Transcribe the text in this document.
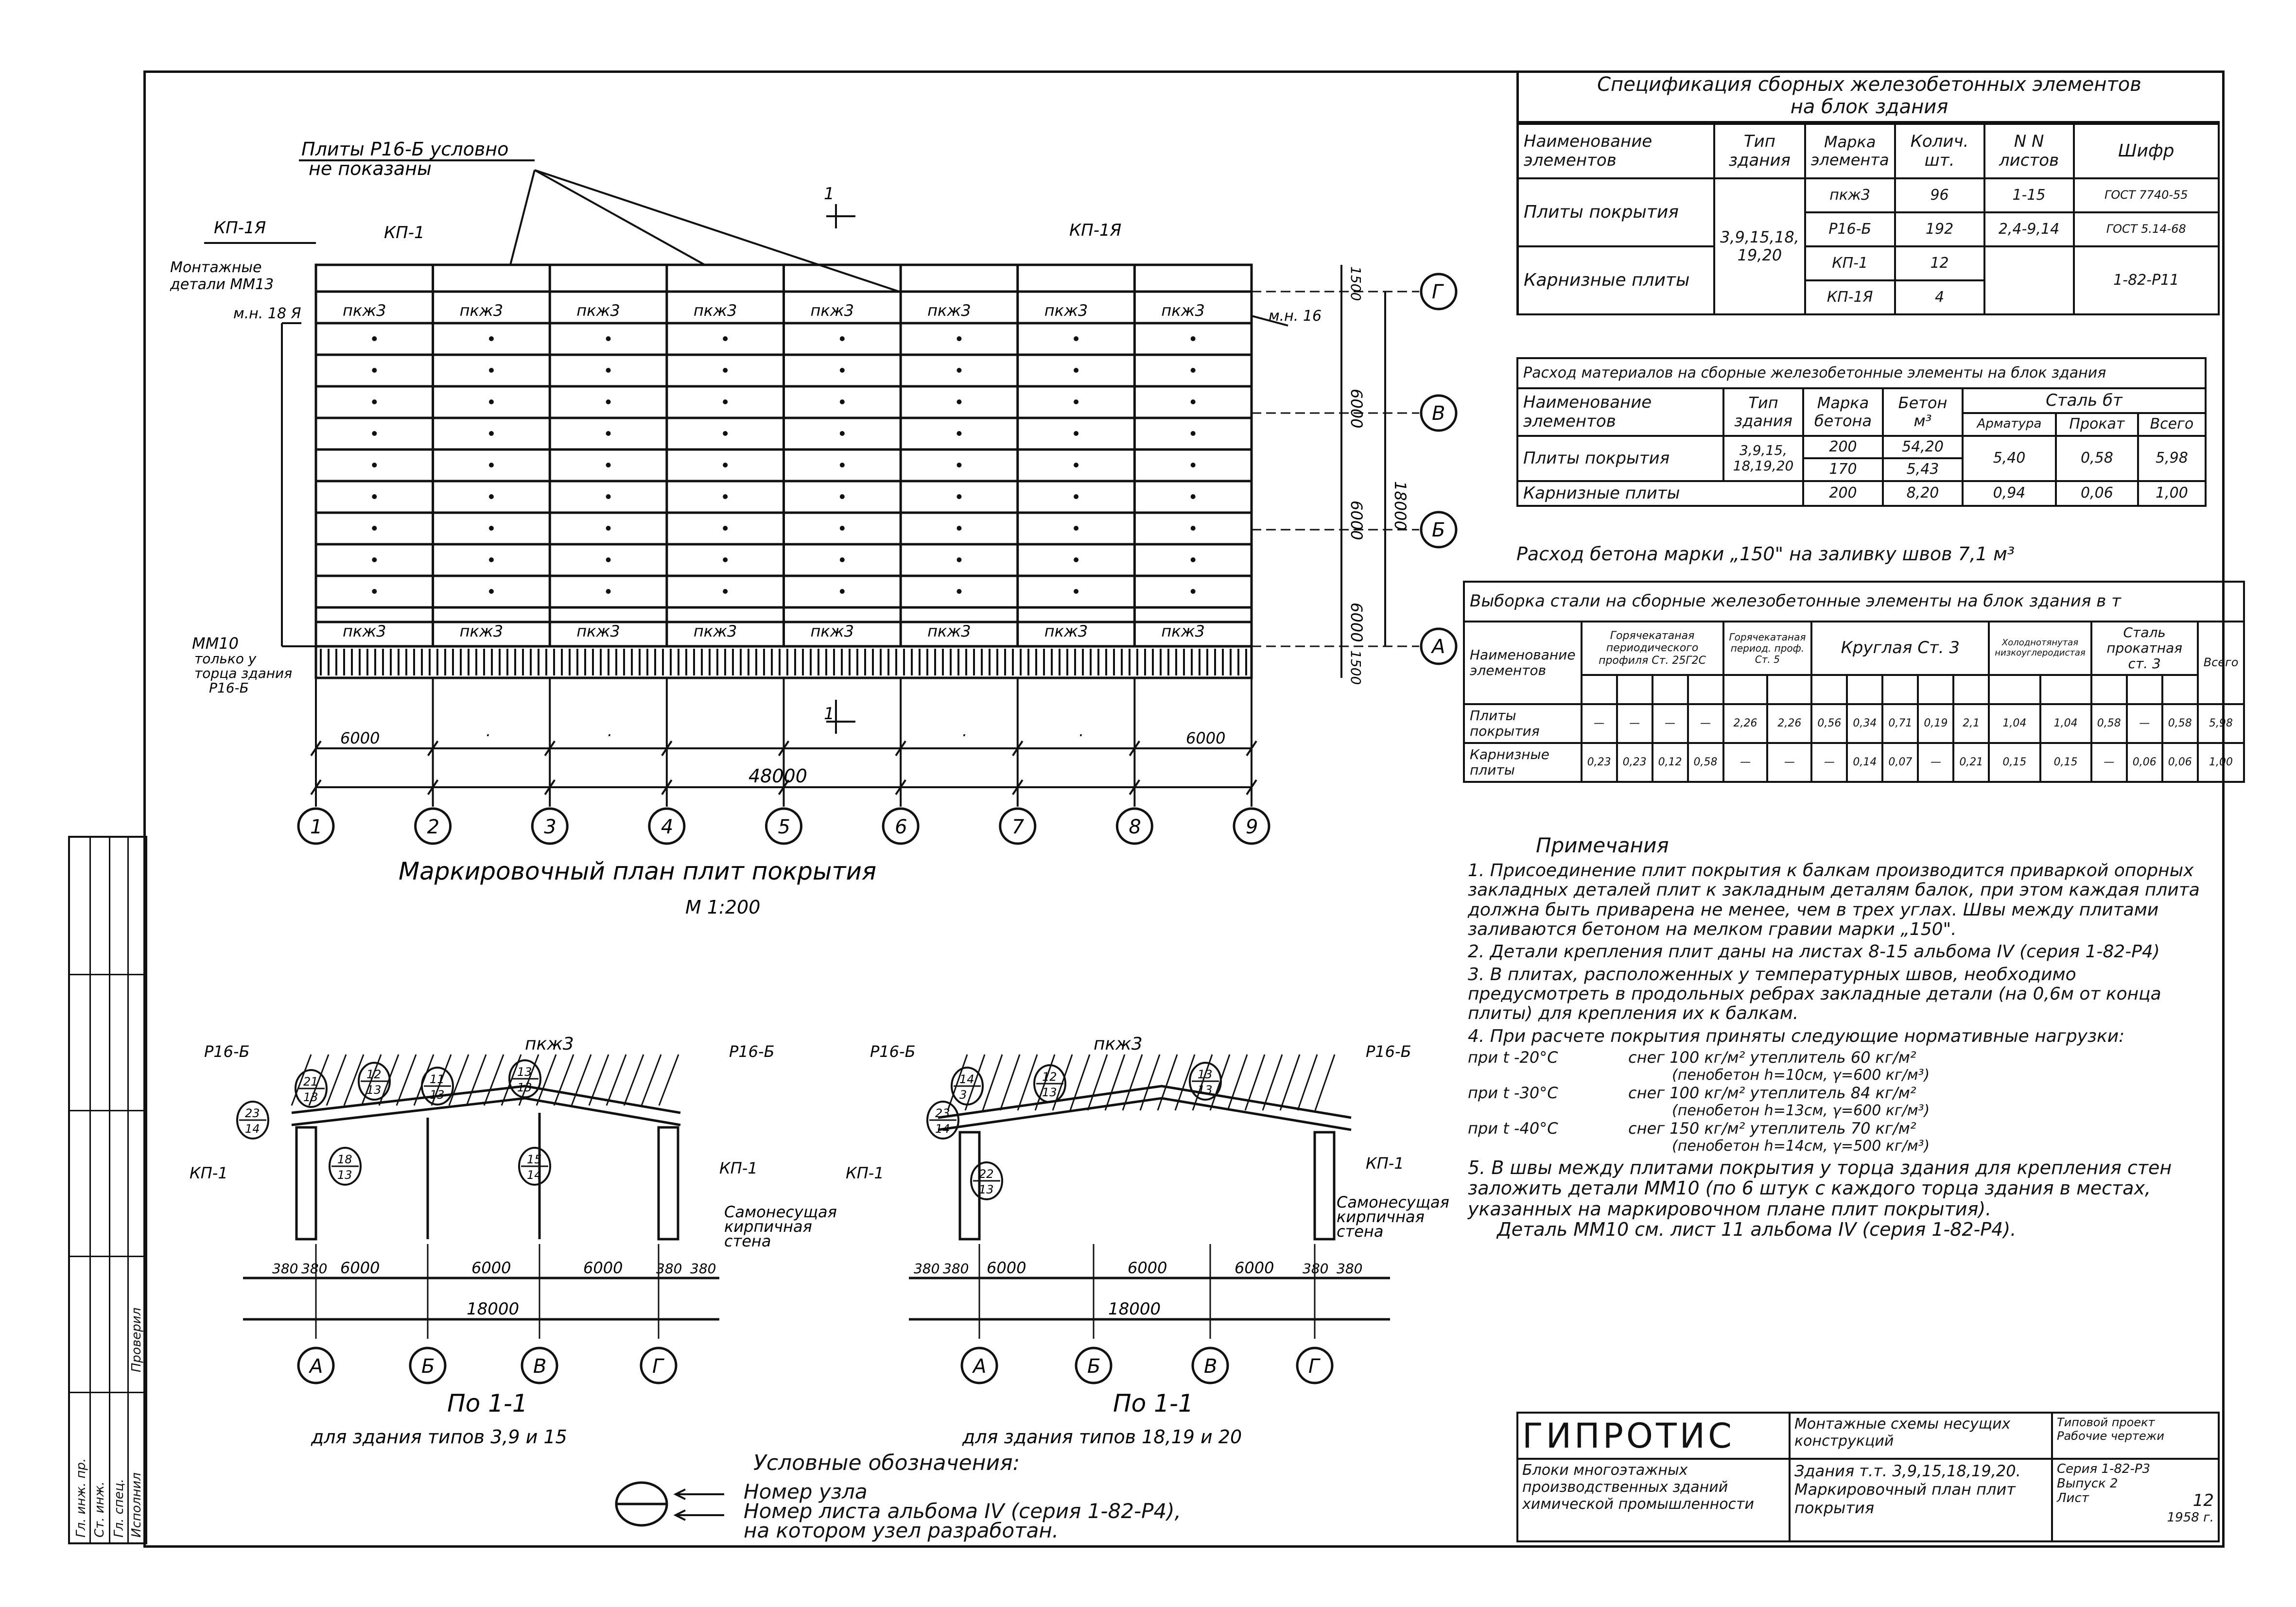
1	2	3	4	5	6	7	8	9
Г
В
Б
А
Плиты Р16-Б условно
не показаны
КП-1Я	КП-1	КП-1Я
Монтажные
детали ММ13
м.н. 18 Я	м.н. 16
ММ10
только у
торца здания
Р16-Б
пкж3
пкж3
пкж3
пкж3
пкж3
пкж3
пкж3
пкж3
пкж3
пкж3
пкж3
пкж3
пкж3
пкж3
пкж3
пкж3
6000	6000
.	.	.	.
48000
6000
6000
6000
18000
1500
1500
1
1
Маркировочный план плит покрытия
М 1:200
Р16-Б	пкж3	Р16-Б
КП-1	КП-1
Самонесущая
кирпичная
стена
380 380 6000	6000	6000 380 380
18000
По 1-1
для здания типов 3,9 и 15
Р16-Б	пкж3	Р16-Б
КП-1
КП-1
Самонесущая
кирпичная
стена
380 380 6000	6000	6000 380 380
18000
По 1-1
для здания типов 18,19 и 20
А	Б	В	Г	А	Б	В	Г
21
13
12
13
11
13
13
13
15
14
23
14
18
13
14
3
12
13
13
13
23
14
22
13
Условные обозначения:
Номер узла
Номер листа альбома IV (серия 1-82-Р4),
на котором узел разработан.
Спецификация сборных железобетонных элементов
на блок здания
Наименование элементов	Тип здания	Марка элемента	Колич. шт.	N N листов	Шифр
Плиты покрытия	3,9,15,18, 19,20	пкж3	96	1-15	ГОСТ 7740-55
		Р16-Б	192	2,4-9,14	ГОСТ 5.14-68
Карнизные плиты		КП-1	12		1-82-Р11
		КП-1Я	4		
Расход материалов на сборные железобетонные элементы на блок здания						
Наименование элементов	Тип здания	Марка бетона	Бетон м³	Сталь бт		
				Арматура	Прокат	Всего
Плиты покрытия	3,9,15, 18,19,20	200	54,20	5,40	0,58	5,98
		170	5,43			
Карнизные плиты		200	8,20	0,94	0,06	1,00
Расход бетона марки „150" на заливку швов 7,1 м³
Выборка стали на сборные железобетонные элементы на блок здания в т																	
Наименование элементов	Горячекатаная периодического профиля Ст. 25Г2С				Горячекатаная период. проф. Ст. 5		Круглая Ст. 3					Холоднотянутая низкоуглеродистая		Сталь прокатная ст. 3			Всего

Плиты покрытия	—	—	—	—	2,26	2,26	0,56	0,34	0,71	0,19	2,1	1,04	1,04	0,58	—	0,58	5,98
Карнизные плиты	0,23	0,23	0,12	0,58	—	—	—	0,14	0,07	—	0,21	0,15	0,15	—	0,06	0,06	1,00
Примечания
1. Присоединение плит покрытия к балкам производится приваркой опорных закладных деталей плит к закладным деталям балок, при этом каждая плита должна быть приварена не менее, чем в трех углах. Швы между плитами заливаются бетоном на мелком гравии марки „150".
2. Детали крепления плит даны на листах 8-15 альбома IV (серия 1-82-Р4)
3. В плитах, расположенных у температурных швов, необходимо предусмотреть в продольных ребрах закладные детали (на 0,6м от конца плиты) для крепления их к балкам.
4. При расчете покрытия приняты следующие нормативные нагрузки:
при t -20°С	снег 100 кг/м² утеплитель 60 кг/м²
(пенобетон h=10см, γ=600 кг/м³)
при t -30°С	снег 100 кг/м² утеплитель 84 кг/м²
(пенобетон h=13см, γ=600 кг/м³)
при t -40°С	снег 150 кг/м² утеплитель 70 кг/м²
(пенобетон h=14см, γ=500 кг/м³)
5. В швы между плитами покрытия у торца здания для крепления стен заложить детали ММ10 (по 6 штук с каждого торца здания в местах, указанных на маркировочном плане плит покрытия).
Деталь ММ10 см. лист 11 альбома IV (серия 1-82-Р4).
ГИПРОТИС	Монтажные схемы несущих конструкций	Типовой проект
Рабочие чертежи

Блоки многоэтажных производственных зданий химической промышленности	Здания т.т. 3,9,15,18,19,20. Маркировочный план плит покрытия	Серия 1-82-Р3
Выпуск 2
Лист 12
1958 г.
Гл. инж. пр. Ст. инж. Гл. спец. Исполнил
Проверил
